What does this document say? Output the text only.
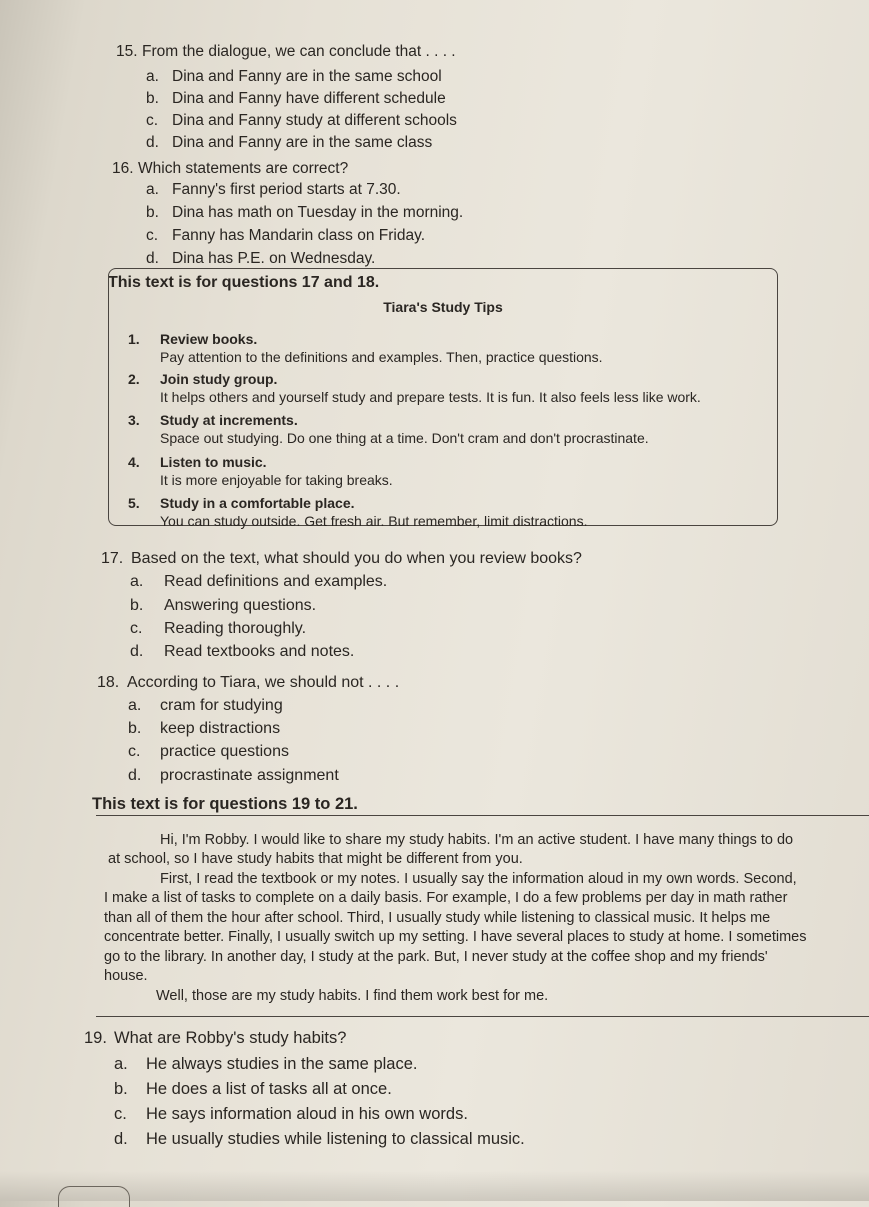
15. From the dialogue, we can conclude that . . . .
a. Dina and Fanny are in the same school
b. Dina and Fanny have different schedule
c. Dina and Fanny study at different schools
d. Dina and Fanny are in the same class
16. Which statements are correct?
a. Fanny's first period starts at 7.30.
b. Dina has math on Tuesday in the morning.
c. Fanny has Mandarin class on Friday.
d. Dina has P.E. on Wednesday.
This text is for questions 17 and 18.
Tiara's Study Tips
1. Review books.
Pay attention to the definitions and examples. Then, practice questions.
2. Join study group.
It helps others and yourself study and prepare tests. It is fun. It also feels less like work.
3. Study at increments.
Space out studying. Do one thing at a time. Don't cram and don't procrastinate.
4. Listen to music.
It is more enjoyable for taking breaks.
5. Study in a comfortable place.
You can study outside. Get fresh air. But remember, limit distractions.
17. Based on the text, what should you do when you review books?
a. Read definitions and examples.
b. Answering questions.
c. Reading thoroughly.
d. Read textbooks and notes.
18. According to Tiara, we should not . . . .
a. cram for studying
b. keep distractions
c. practice questions
d. procrastinate assignment
This text is for questions 19 to 21.
Hi, I'm Robby. I would like to share my study habits. I'm an active student. I have many things to do
at school, so I have study habits that might be different from you.
First, I read the textbook or my notes. I usually say the information aloud in my own words. Second,
I make a list of tasks to complete on a daily basis. For example, I do a few problems per day in math rather
than all of them the hour after school. Third, I usually study while listening to classical music. It helps me
concentrate better. Finally, I usually switch up my setting. I have several places to study at home. I sometimes
go to the library. In another day, I study at the park. But, I never study at the coffee shop and my friends'
house.
Well, those are my study habits. I find them work best for me.
19. What are Robby's study habits?
a. He always studies in the same place.
b. He does a list of tasks all at once.
c. He says information aloud in his own words.
d. He usually studies while listening to classical music.
